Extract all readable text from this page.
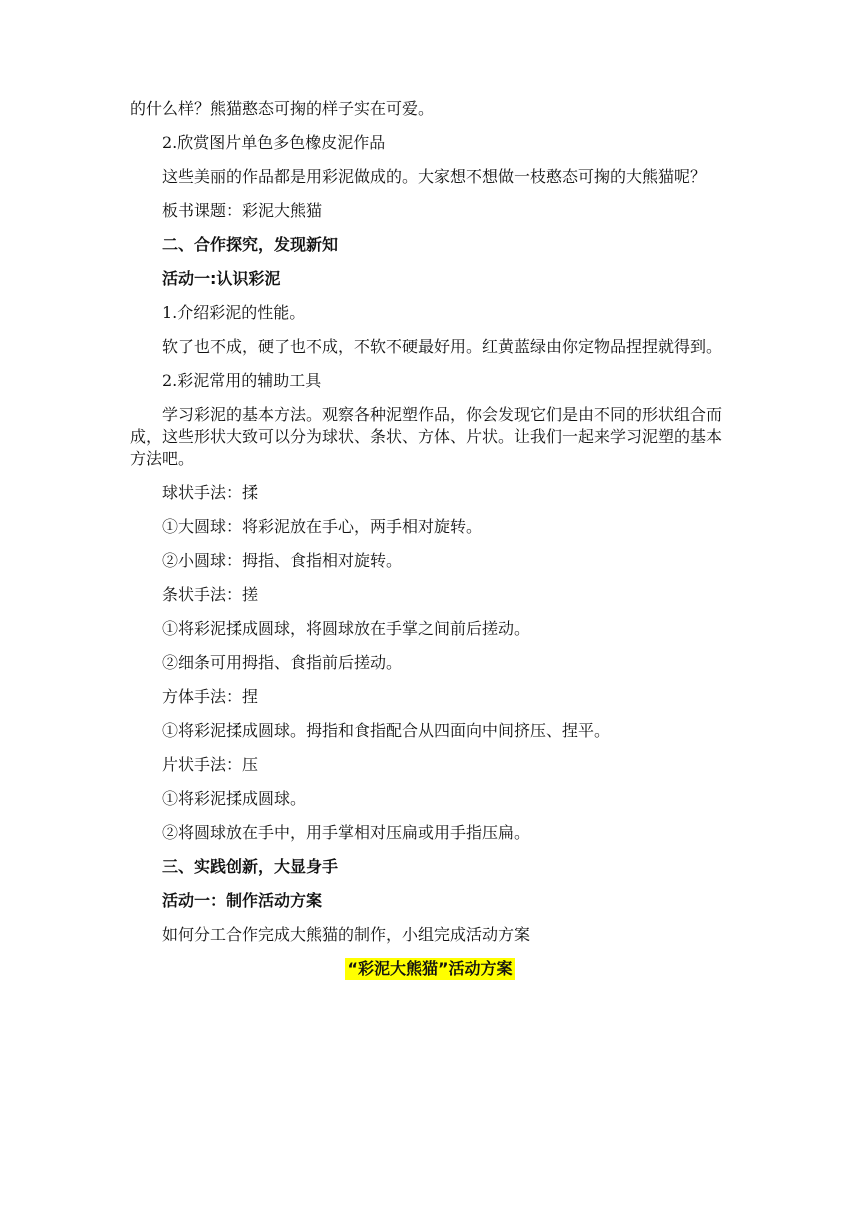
的什么样？熊猫憨态可掬的样子实在可爱。

2.欣赏图片单色多色橡皮泥作品

这些美丽的作品都是用彩泥做成的。大家想不想做一枝憨态可掬的大熊猫呢？

板书课题：彩泥大熊猫

二、合作探究，发现新知

活动一:认识彩泥

1.介绍彩泥的性能。

软了也不成，硬了也不成，不软不硬最好用。红黄蓝绿由你定物品捏捏就得到。

2.彩泥常用的辅助工具

学习彩泥的基本方法。观察各种泥塑作品，你会发现它们是由不同的形状组合而成，这些形状大致可以分为球状、条状、方体、片状。让我们一起来学习泥塑的基本方法吧。

球状手法：揉

①大圆球：将彩泥放在手心，两手相对旋转。

②小圆球：拇指、食指相对旋转。

条状手法：搓

①将彩泥揉成圆球，将圆球放在手掌之间前后搓动。

②细条可用拇指、食指前后搓动。

方体手法：捏

①将彩泥揉成圆球。拇指和食指配合从四面向中间挤压、捏平。

片状手法：压

①将彩泥揉成圆球。

②将圆球放在手中，用手掌相对压扁或用手指压扁。

三、实践创新，大显身手

活动一：制作活动方案

如何分工合作完成大熊猫的制作，小组完成活动方案

“彩泥大熊猫”活动方案
